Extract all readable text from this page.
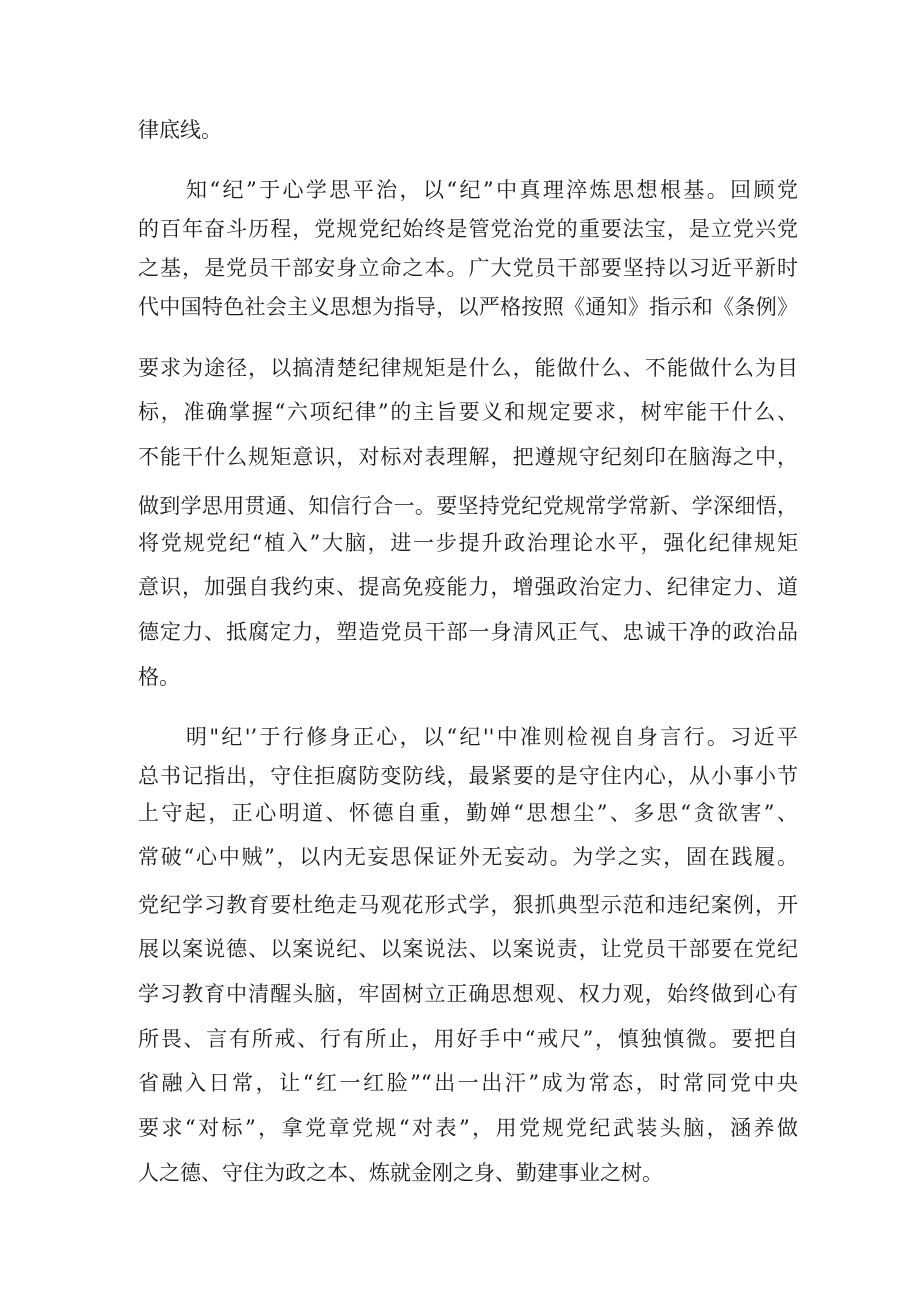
律底线。

知“纪”于心学思平治，以“纪”中真理淬炼思想根基。回顾党

的百年奋斗历程，党规党纪始终是管党治党的重要法宝，是立党兴党

之基，是党员干部安身立命之本。广大党员干部要坚持以习近平新时

代中国特色社会主义思想为指导，以严格按照《通知》指示和《条例》

要求为途径，以搞清楚纪律规矩是什么，能做什么、不能做什么为目

标，准确掌握“六项纪律”的主旨要义和规定要求，树牢能干什么、

不能干什么规矩意识，对标对表理解，把遵规守纪刻印在脑海之中，

做到学思用贯通、知信行合一。要坚持党纪党规常学常新、学深细悟，

将党规党纪“植入”大脑，进一步提升政治理论水平，强化纪律规矩

意识，加强自我约束、提高免疫能力，增强政治定力、纪律定力、道

德定力、抵腐定力，塑造党员干部一身清风正气、忠诚干净的政治品

格。

明"纪'’于行修身正心，以“纪''中准则检视自身言行。习近平

总书记指出，守住拒腐防变防线，最紧要的是守住内心，从小事小节

上守起，正心明道、怀德自重，勤婵“思想尘”、多思“贪欲害”、

常破“心中贼”，以内无妄思保证外无妄动。为学之实，固在践履。

党纪学习教育要杜绝走马观花形式学，狠抓典型示范和违纪案例，开

展以案说德、以案说纪、以案说法、以案说责，让党员干部要在党纪

学习教育中清醒头脑，牢固树立正确思想观、权力观，始终做到心有

所畏、言有所戒、行有所止，用好手中“戒尺”，慎独慎微。要把自

省融入日常，让“红一红脸”“出一出汗”成为常态，时常同党中央

要求“对标”，拿党章党规“对表”，用党规党纪武装头脑，涵养做

人之德、守住为政之本、炼就金刚之身、勤建事业之树。
